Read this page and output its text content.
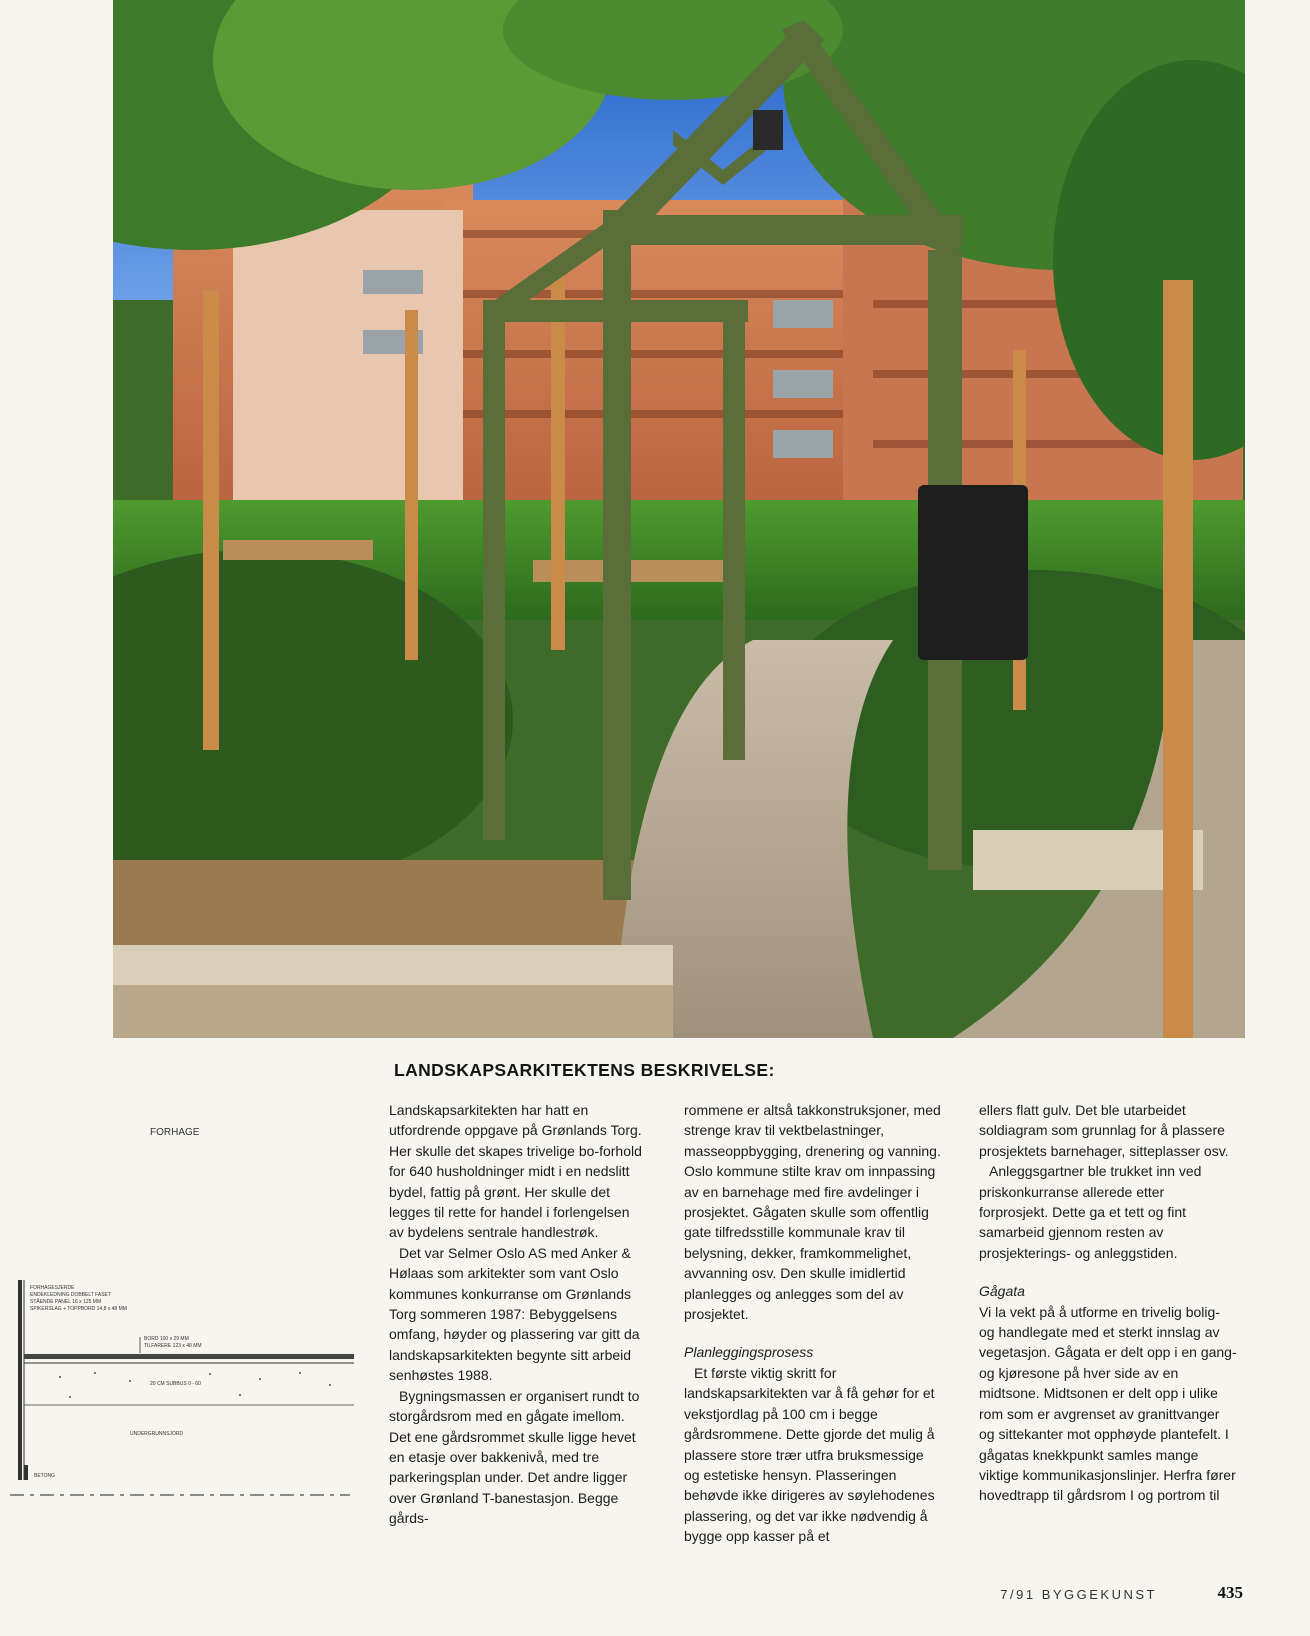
LANDSKAPSARKITEKTENS BESKRIVELSE:

Landskapsarkitekten har hatt en utfordrende oppgave på Grønlands Torg. Her skulle det skapes trivelige bo-forhold for 640 husholdninger midt i en nedslitt bydel, fattig på grønt. Her skulle det legges til rette for handel i forlengelsen av bydelens sentrale handlestrøk.

Det var Selmer Oslo AS med Anker & Hølaas som arkitekter som vant Oslo kommunes konkurranse om Grønlands Torg sommeren 1987: Bebyggelsens omfang, høyder og plassering var gitt da landskapsarkitekten begynte sitt arbeid senhøstes 1988.

Bygningsmassen er organisert rundt to storgårdsrom med en gågate imellom. Det ene gårdsrommet skulle ligge hevet en etasje over bakkenivå, med tre parkeringsplan under. Det andre ligger over Grønland T-banestasjon. Begge gårds-

rommene er altså takkonstruksjoner, med strenge krav til vektbelastninger, masseoppbygging, drenering og vanning. Oslo kommune stilte krav om innpassing av en barnehage med fire avdelinger i prosjektet. Gågaten skulle som offentlig gate tilfredsstille kommunale krav til belysning, dekker, framkommelighet, avvanning osv. Den skulle imidlertid planlegges og anlegges som del av prosjektet.

Planleggingsprosess

Et første viktig skritt for landskapsarkitekten var å få gehør for et vekstjordlag på 100 cm i begge gårdsrommene. Dette gjorde det mulig å plassere store trær utfra bruksmessige og estetiske hensyn. Plasseringen behøvde ikke dirigeres av søylehodenes plassering, og det var ikke nødvendig å bygge opp kasser på et

ellers flatt gulv. Det ble utarbeidet soldiagram som grunnlag for å plassere prosjektets barnehager, sitteplasser osv.

Anleggsgartner ble trukket inn ved priskonkurranse allerede etter forprosjekt. Dette ga et tett og fint samarbeid gjennom resten av prosjekterings- og anleggstiden.

Gågata

Vi la vekt på å utforme en trivelig bolig- og handlegate med et sterkt innslag av vegetasjon. Gågata er delt opp i en gang- og kjøresone på hver side av en midtsone. Midtsonen er delt opp i ulike rom som er avgrenset av granittvanger og sittekanter mot opphøyde plantefelt. I gågatas knekkpunkt samles mange viktige kommunikasjonslinjer. Herfra fører hovedtrapp til gårdsrom I og portrom til

FORHAGE
FORHAGESJERDE
ENDEKLEDNING DOBBELT FASET
STÅENDE PANEL 16 x 125 MM
SPIKERSLAG + TOPPBORD 14,8 x 48 MM
BORD 100 x 29 MM
TILFARERE 123 x 48 MM
20 CM SUBBUS 0 - 60
UNDERGRUNNSJORD
BETONG
7/91 BYGGEKUNST	435
